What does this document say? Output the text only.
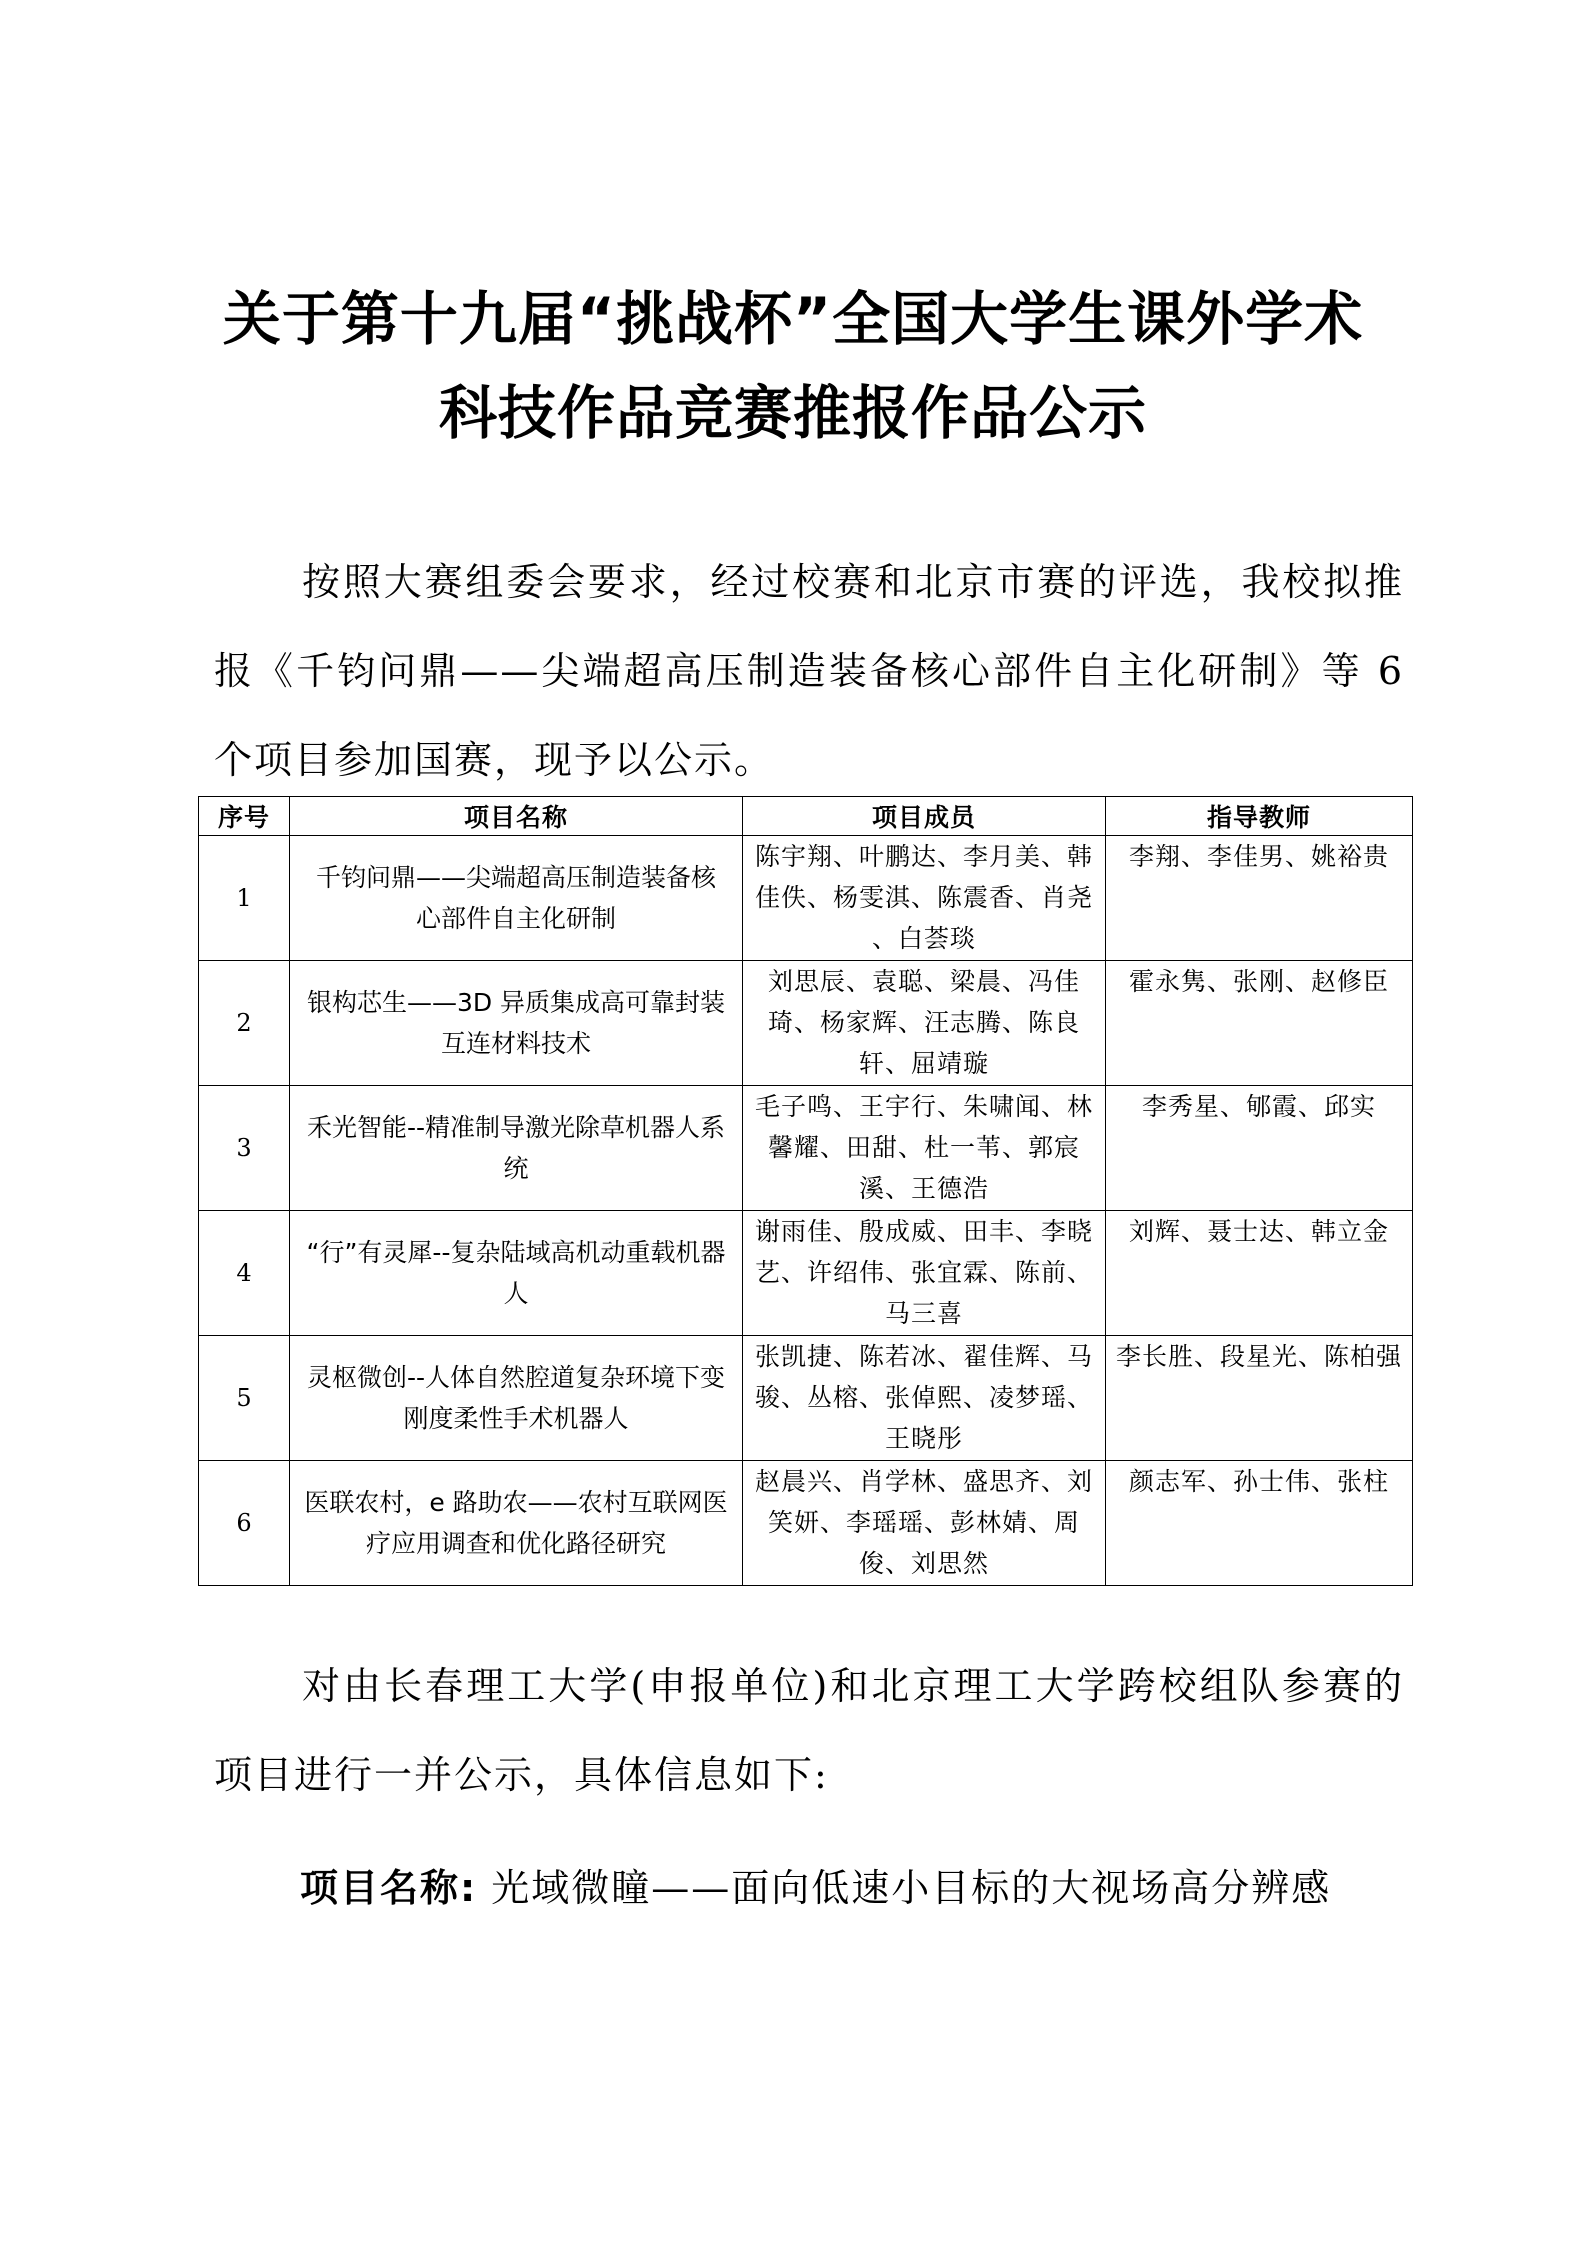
关于第十九届“挑战杯”全国大学生课外学术
科技作品竞赛推报作品公示
按照大赛组委会要求，经过校赛和北京市赛的评选，我校拟推报《千钧问鼎——尖端超高压制造装备核心部件自主化研制》等 6 个项目参加国赛，现予以公示。
序号	项目名称	项目成员	指导教师
1	千钧问鼎——尖端超高压制造装备核心部件自主化研制	陈宇翔、叶鹏达、李月美、韩佳佚、杨雯淇、陈震香、肖尧 、白荟琰	李翔、李佳男、姚裕贵
2	银构芯生——3D 异质集成高可靠封装互连材料技术	刘思辰、袁聪、梁晨、冯佳琦、杨家辉、汪志腾、陈良轩、屈靖璇	霍永隽、张刚、赵修臣
3	禾光智能--精准制导激光除草机器人系统	毛子鸣、王宇行、朱啸闻、林馨耀、田甜、杜一苇、郭宸溪、王德浩	李秀星、郇霞、邱实
4	“行”有灵犀--复杂陆域高机动重载机器人	谢雨佳、殷成威、田丰、李晓艺、许绍伟、张宜霖、陈前、马三喜	刘辉、聂士达、韩立金
5	灵枢微创--人体自然腔道复杂环境下变刚度柔性手术机器人	张凯捷、陈若冰、翟佳辉、马骏、丛榕、张倬熙、凌梦瑶、王晓彤	李长胜、段星光、陈柏强
6	医联农村，e 路助农——农村互联网医疗应用调查和优化路径研究	赵晨兴、肖学林、盛思齐、刘笑妍、李瑶瑶、彭林婧、周俊、刘思然	颜志军、孙士伟、张柱
对由长春理工大学(申报单位)和北京理工大学跨校组队参赛的项目进行一并公示，具体信息如下:
项目名称: 光域微瞳——面向低速小目标的大视场高分辨感
